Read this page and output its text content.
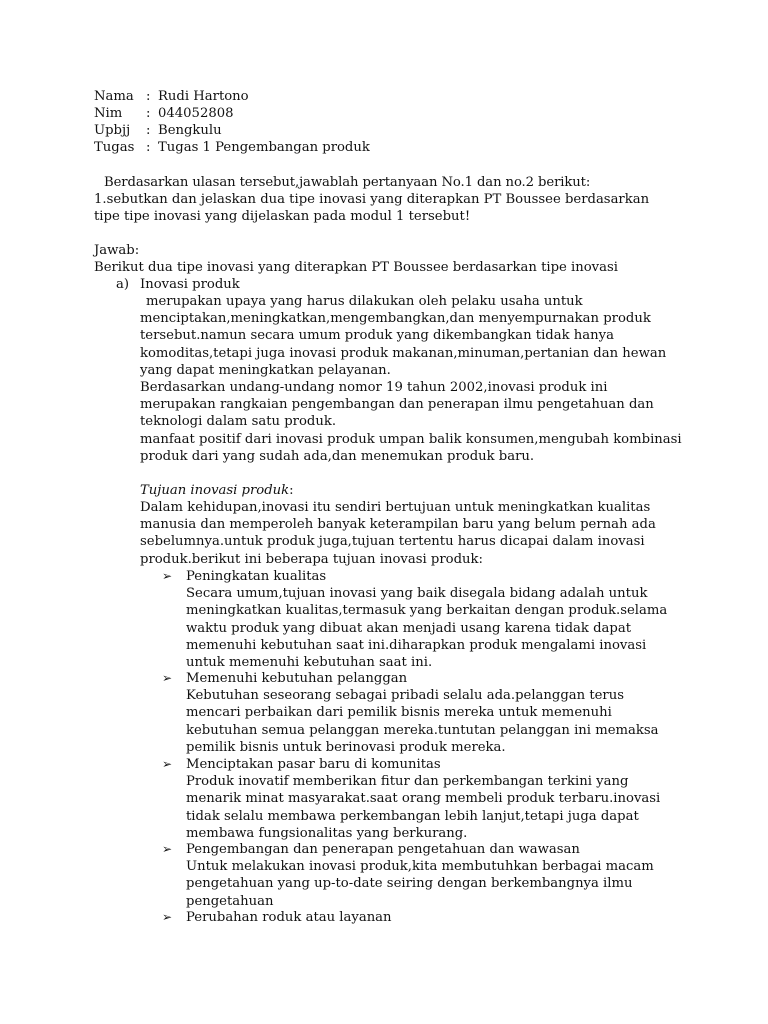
Nama : Rudi Hartono
Nim : 044052808
Upbjj : Bengkulu
Tugas : Tugas 1 Pengembangan produk
Berdasarkan ulasan tersebut,jawablah pertanyaan No.1 dan no.2 berikut:
1.sebutkan dan jelaskan dua tipe inovasi yang diterapkan PT Boussee berdasarkan tipe tipe inovasi yang dijelaskan pada modul 1 tersebut!
Jawab:
Berikut dua tipe inovasi yang diterapkan PT Boussee berdasarkan tipe inovasi
a) Inovasi produk
merupakan upaya yang harus dilakukan oleh pelaku usaha untuk menciptakan,meningkatkan,mengembangkan,dan menyempurnakan produk tersebut.namun secara umum produk yang dikembangkan tidak hanya komoditas,tetapi juga inovasi produk makanan,minuman,pertanian dan hewan yang dapat meningkatkan pelayanan.
Berdasarkan undang-undang nomor 19 tahun 2002,inovasi produk ini merupakan rangkaian pengembangan dan penerapan ilmu pengetahuan dan teknologi dalam satu produk.
manfaat positif dari inovasi produk umpan balik konsumen,mengubah kombinasi produk dari yang sudah ada,dan menemukan produk baru.
Tujuan inovasi produk:
Dalam kehidupan,inovasi itu sendiri bertujuan untuk meningkatkan kualitas manusia dan memperoleh banyak keterampilan baru yang belum pernah ada sebelumnya.untuk produk juga,tujuan tertentu harus dicapai dalam inovasi produk.berikut ini beberapa tujuan inovasi produk:
➢ Peningkatan kualitas
Secara umum,tujuan inovasi yang baik disegala bidang adalah untuk meningkatkan kualitas,termasuk yang berkaitan dengan produk.selama waktu produk yang dibuat akan menjadi usang karena tidak dapat memenuhi kebutuhan saat ini.diharapkan produk mengalami inovasi untuk memenuhi kebutuhan saat ini.
➢ Memenuhi kebutuhan pelanggan
Kebutuhan seseorang sebagai pribadi selalu ada.pelanggan terus mencari perbaikan dari pemilik bisnis mereka untuk memenuhi kebutuhan semua pelanggan mereka.tuntutan pelanggan ini memaksa pemilik bisnis untuk berinovasi produk mereka.
➢ Menciptakan pasar baru di komunitas
Produk inovatif memberikan fitur dan perkembangan terkini yang menarik minat masyarakat.saat orang membeli produk terbaru.inovasi tidak selalu membawa perkembangan lebih lanjut,tetapi juga dapat membawa fungsionalitas yang berkurang.
➢ Pengembangan dan penerapan pengetahuan dan wawasan
Untuk melakukan inovasi produk,kita membutuhkan berbagai macam pengetahuan yang up-to-date seiring dengan berkembangnya ilmu pengetahuan
➢ Perubahan roduk atau layanan
